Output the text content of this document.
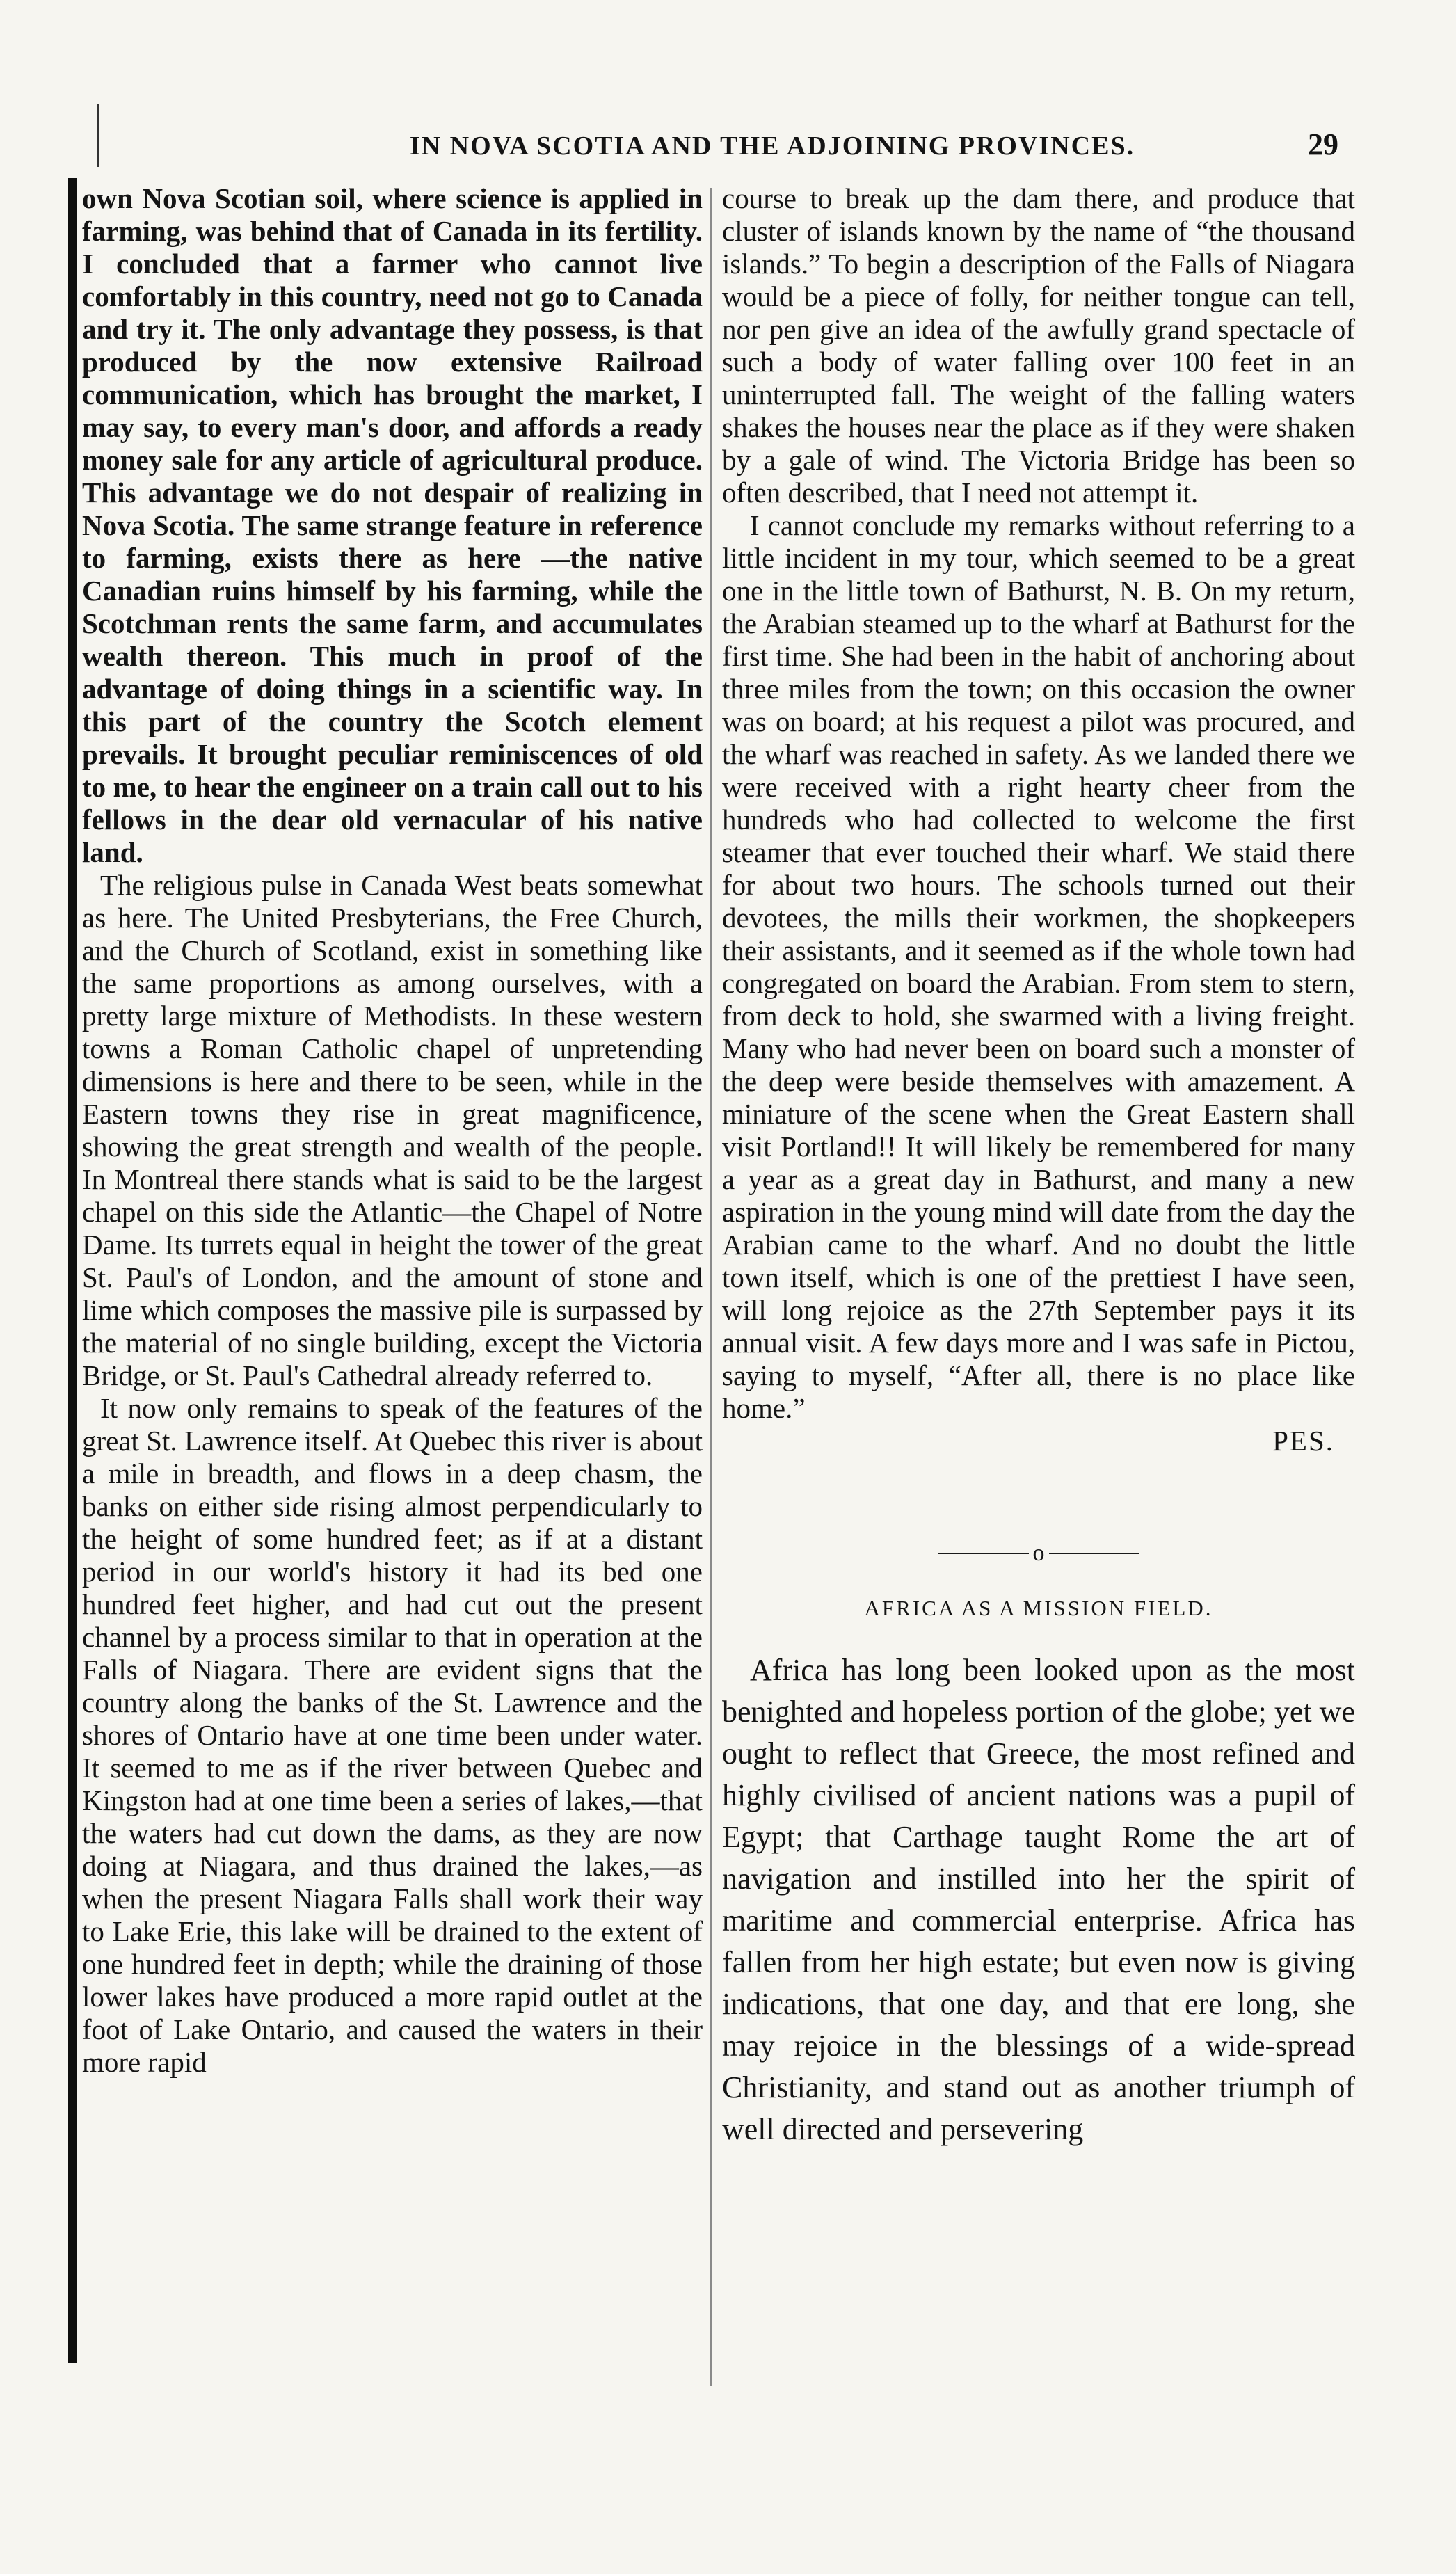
IN NOVA SCOTIA AND THE ADJOINING PROVINCES.	29

own Nova Scotian soil, where science is applied in farming, was behind that of Canada in its fertility. I concluded that a farmer who cannot live comfortably in this country, need not go to Canada and try it. The only advantage they possess, is that produced by the now extensive Railroad communication, which has brought the market, I may say, to every man's door, and affords a ready money sale for any article of agricultural produce. This advantage we do not despair of realizing in Nova Scotia. The same strange feature in reference to farming, exists there as here —the native Canadian ruins himself by his farming, while the Scotchman rents the same farm, and accumulates wealth thereon. This much in proof of the advantage of doing things in a scientific way. In this part of the country the Scotch element prevails. It brought peculiar reminiscences of old to me, to hear the engineer on a train call out to his fellows in the dear old vernacular of his native land.

The religious pulse in Canada West beats somewhat as here. The United Presbyterians, the Free Church, and the Church of Scotland, exist in something like the same proportions as among ourselves, with a pretty large mixture of Methodists. In these western towns a Roman Catholic chapel of unpretending dimensions is here and there to be seen, while in the Eastern towns they rise in great magnificence, showing the great strength and wealth of the people. In Montreal there stands what is said to be the largest chapel on this side the Atlantic—the Chapel of Notre Dame. Its turrets equal in height the tower of the great St. Paul's of London, and the amount of stone and lime which composes the massive pile is surpassed by the material of no single building, except the Victoria Bridge, or St. Paul's Cathedral already referred to.

It now only remains to speak of the features of the great St. Lawrence itself. At Quebec this river is about a mile in breadth, and flows in a deep chasm, the banks on either side rising almost perpendicularly to the height of some hundred feet; as if at a distant period in our world's history it had its bed one hundred feet higher, and had cut out the present channel by a process similar to that in operation at the Falls of Niagara. There are evident signs that the country along the banks of the St. Lawrence and the shores of Ontario have at one time been under water. It seemed to me as if the river between Quebec and Kingston had at one time been a series of lakes,—that the waters had cut down the dams, as they are now doing at Niagara, and thus drained the lakes,—as when the present Niagara Falls shall work their way to Lake Erie, this lake will be drained to the extent of one hundred feet in depth; while the draining of those lower lakes have produced a more rapid outlet at the foot of Lake Ontario, and caused the waters in their more rapid

course to break up the dam there, and produce that cluster of islands known by the name of “the thousand islands.” To begin a description of the Falls of Niagara would be a piece of folly, for neither tongue can tell, nor pen give an idea of the awfully grand spectacle of such a body of water falling over 100 feet in an uninterrupted fall. The weight of the falling waters shakes the houses near the place as if they were shaken by a gale of wind. The Victoria Bridge has been so often described, that I need not attempt it.

I cannot conclude my remarks without referring to a little incident in my tour, which seemed to be a great one in the little town of Bathurst, N. B. On my return, the Arabian steamed up to the wharf at Bathurst for the first time. She had been in the habit of anchoring about three miles from the town; on this occasion the owner was on board; at his request a pilot was procured, and the wharf was reached in safety. As we landed there we were received with a right hearty cheer from the hundreds who had collected to welcome the first steamer that ever touched their wharf. We staid there for about two hours. The schools turned out their devotees, the mills their workmen, the shopkeepers their assistants, and it seemed as if the whole town had congregated on board the Arabian. From stem to stern, from deck to hold, she swarmed with a living freight. Many who had never been on board such a monster of the deep were beside themselves with amazement. A miniature of the scene when the Great Eastern shall visit Portland!! It will likely be remembered for many a year as a great day in Bathurst, and many a new aspiration in the young mind will date from the day the Arabian came to the wharf. And no doubt the little town itself, which is one of the prettiest I have seen, will long rejoice as the 27th September pays it its annual visit. A few days more and I was safe in Pictou, saying to myself, “After all, there is no place like home.”

PES.
o
AFRICA AS A MISSION FIELD.

Africa has long been looked upon as the most benighted and hopeless portion of the globe; yet we ought to reflect that Greece, the most refined and highly civilised of ancient nations was a pupil of Egypt; that Carthage taught Rome the art of navigation and instilled into her the spirit of maritime and commercial enterprise. Africa has fallen from her high estate; but even now is giving indications, that one day, and that ere long, she may rejoice in the blessings of a wide-spread Christianity, and stand out as another triumph of well directed and persevering
